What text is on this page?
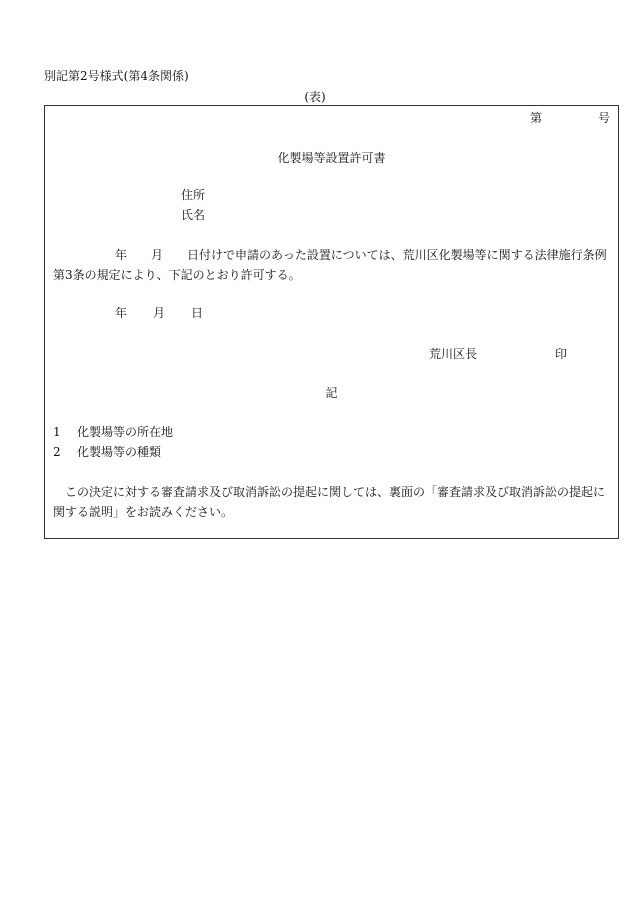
別記第2号様式(第4条関係)
(表)
第	号
化製場等設置許可書
住所
氏名
年　　月　　日付けで申請のあった設置については、荒川区化製場等に関する法律施行条例第3条の規定により、下記のとおり許可する。
年 月 日
荒川区長	印
記
1 化製場等の所在地
2 化製場等の種類
この決定に対する審査請求及び取消訴訟の提起に関しては、裏面の「審査請求及び取消訴訟の提起に関する説明」をお読みください。
